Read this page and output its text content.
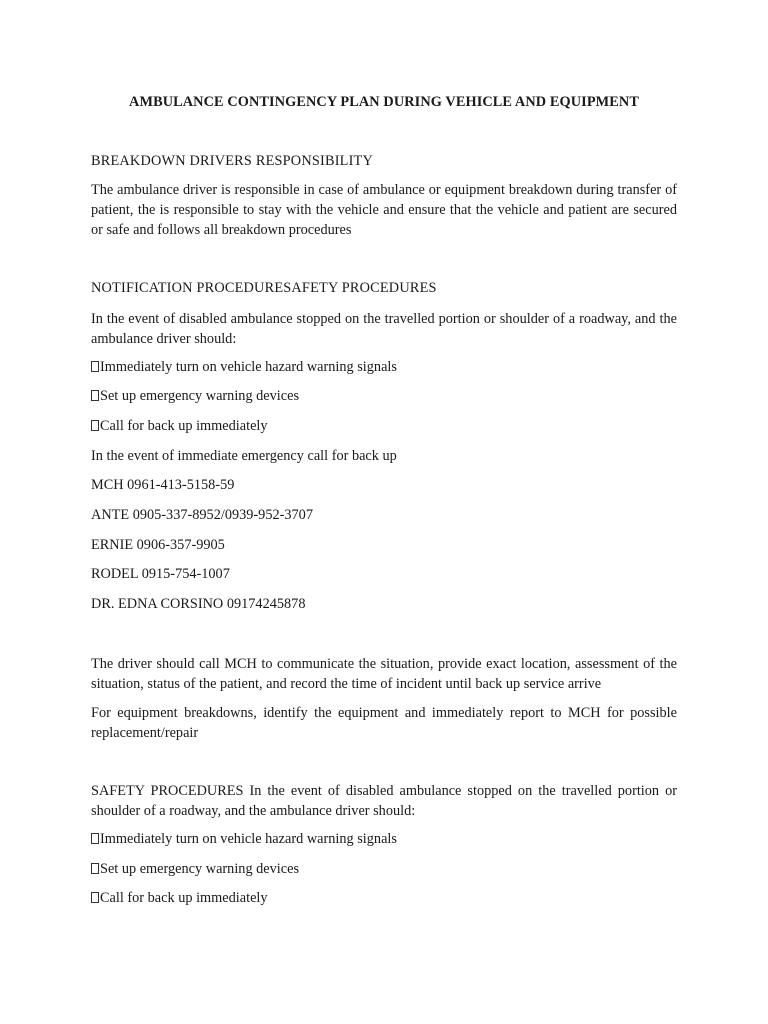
AMBULANCE CONTINGENCY PLAN DURING VEHICLE AND EQUIPMENT
BREAKDOWN DRIVERS RESPONSIBILITY
The ambulance driver is responsible in case of ambulance or equipment breakdown during transfer of patient, the is responsible to stay with the vehicle and ensure that the vehicle and patient are secured or safe and follows all breakdown procedures
NOTIFICATION PROCEDURESAFETY PROCEDURES
In the event of disabled ambulance stopped on the travelled portion or shoulder of a roadway, and the ambulance driver should:
Immediately turn on vehicle hazard warning signals
Set up emergency warning devices
Call for back up immediately
In the event of immediate emergency call for back up
MCH 0961-413-5158-59
ANTE 0905-337-8952/0939-952-3707
ERNIE 0906-357-9905
RODEL 0915-754-1007
DR. EDNA CORSINO 09174245878
The driver should call MCH to communicate the situation, provide exact location, assessment of the situation, status of the patient, and record the time of incident until back up service arrive
For equipment breakdowns, identify the equipment and immediately report to MCH for possible replacement/repair
SAFETY PROCEDURES In the event of disabled ambulance stopped on the travelled portion or shoulder of a roadway, and the ambulance driver should:
Immediately turn on vehicle hazard warning signals
Set up emergency warning devices
Call for back up immediately
